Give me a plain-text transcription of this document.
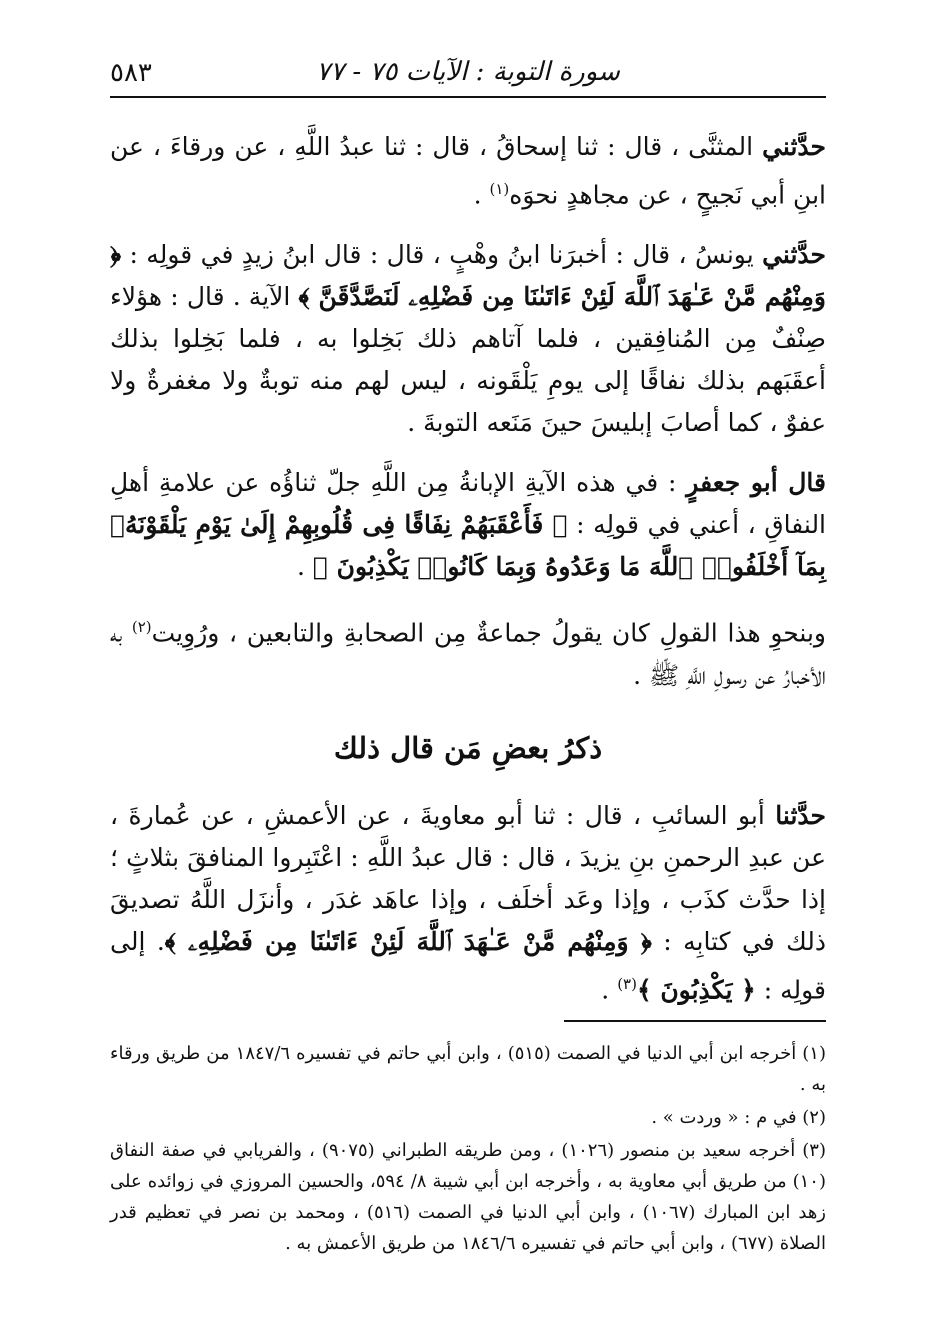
سورة التوبة : الآيات ٧٥ - ٧٧
٥٨٣

حدَّثني المثنَّى ، قال : ثنا إسحاقُ ، قال : ثنا عبدُ اللَّهِ ، عن ورقاءَ ، عن ابنِ أبي نَجيحٍ ، عن مجاهدٍ نحوَه$^{(١)}$ .

حدَّثني يونسُ ، قال : أخبرَنا ابنُ وهْبٍ ، قال : قال ابنُ زيدٍ في قولِه : ﴿ وَمِنْهُم مَّنْ عَـٰهَدَ ٱللَّهَ لَئِنْ ءَاتَىٰنَا مِن فَضْلِهِۦ لَنَصَّدَّقَنَّ ﴾ الآية . قال : هؤلاء صِنْفٌ مِن المُنافِقين ، فلما آتاهم ذلك بَخِلوا به ، فلما بَخِلوا بذلك أعقَبَهم بذلك نفاقًا إلى يومِ يَلْقَونه ، ليس لهم منه توبةٌ ولا مغفرةٌ ولا عفوٌ ، كما أصابَ إبليسَ حينَ مَنَعه التوبةَ .

قال أبو جعفرٍ : في هذه الآيةِ الإبانةُ مِن اللَّهِ جلّ ثناؤُه عن علامةِ أهلِ النفاقِ ، أعني في قولِه : ﴿ فَأَعْقَبَهُمْ نِفَاقًا فِى قُلُوبِهِمْ إِلَىٰ يَوْمِ يَلْقَوْنَهُۥ بِمَآ أَخْلَفُوا۟ ٱللَّهَ مَا وَعَدُوهُ وَبِمَا كَانُوا۟ يَكْذِبُونَ ﴾ .

وبنحوِ هذا القولِ كان يقولُ جماعةٌ مِن الصحابةِ والتابعين ، ورُوِيت$^{(٢)}$ به الأخبارُ عن رسولِ اللَّهِ ﷺ .

ذكرُ بعضِ مَن قال ذلك

حدَّثنا أبو السائبِ ، قال : ثنا أبو معاويةَ ، عن الأعمشِ ، عن عُمارةَ ، عن عبدِ الرحمنِ بنِ يزيدَ ، قال : قال عبدُ اللَّهِ : اعْتَبِروا المنافقَ بثلاثٍ ؛ إذا حدَّث كذَب ، وإذا وعَد أخلَف ، وإذا عاهَد غدَر ، وأنزَل اللَّهُ تصديقَ ذلك في كتابِه : ﴿ وَمِنْهُم مَّنْ عَـٰهَدَ ٱللَّهَ لَئِنْ ءَاتَىٰنَا مِن فَضْلِهِۦ ﴾. إلى قولِه : ﴿ يَكْذِبُونَ ﴾$^{(٣)}$ .

(١) أخرجه ابن أبي الدنيا في الصمت (٥١٥) ، وابن أبي حاتم في تفسيره ١٨٤٧/٦ من طريق ورقاء به .

(٢) في م : « وردت » .

(٣) أخرجه سعيد بن منصور (١٠٢٦) ، ومن طريقه الطبراني (٩٠٧٥) ، والفريابي في صفة النفاق (١٠) من طريق أبي معاوية به ، وأخرجه ابن أبي شيبة ٨/ ٥٩٤، والحسين المروزي في زوائده على زهد ابن المبارك (١٠٦٧) ، وابن أبي الدنيا في الصمت (٥١٦) ، ومحمد بن نصر في تعظيم قدر الصلاة (٦٧٧) ، وابن أبي حاتم في تفسيره ١٨٤٦/٦ من طريق الأعمش به .
